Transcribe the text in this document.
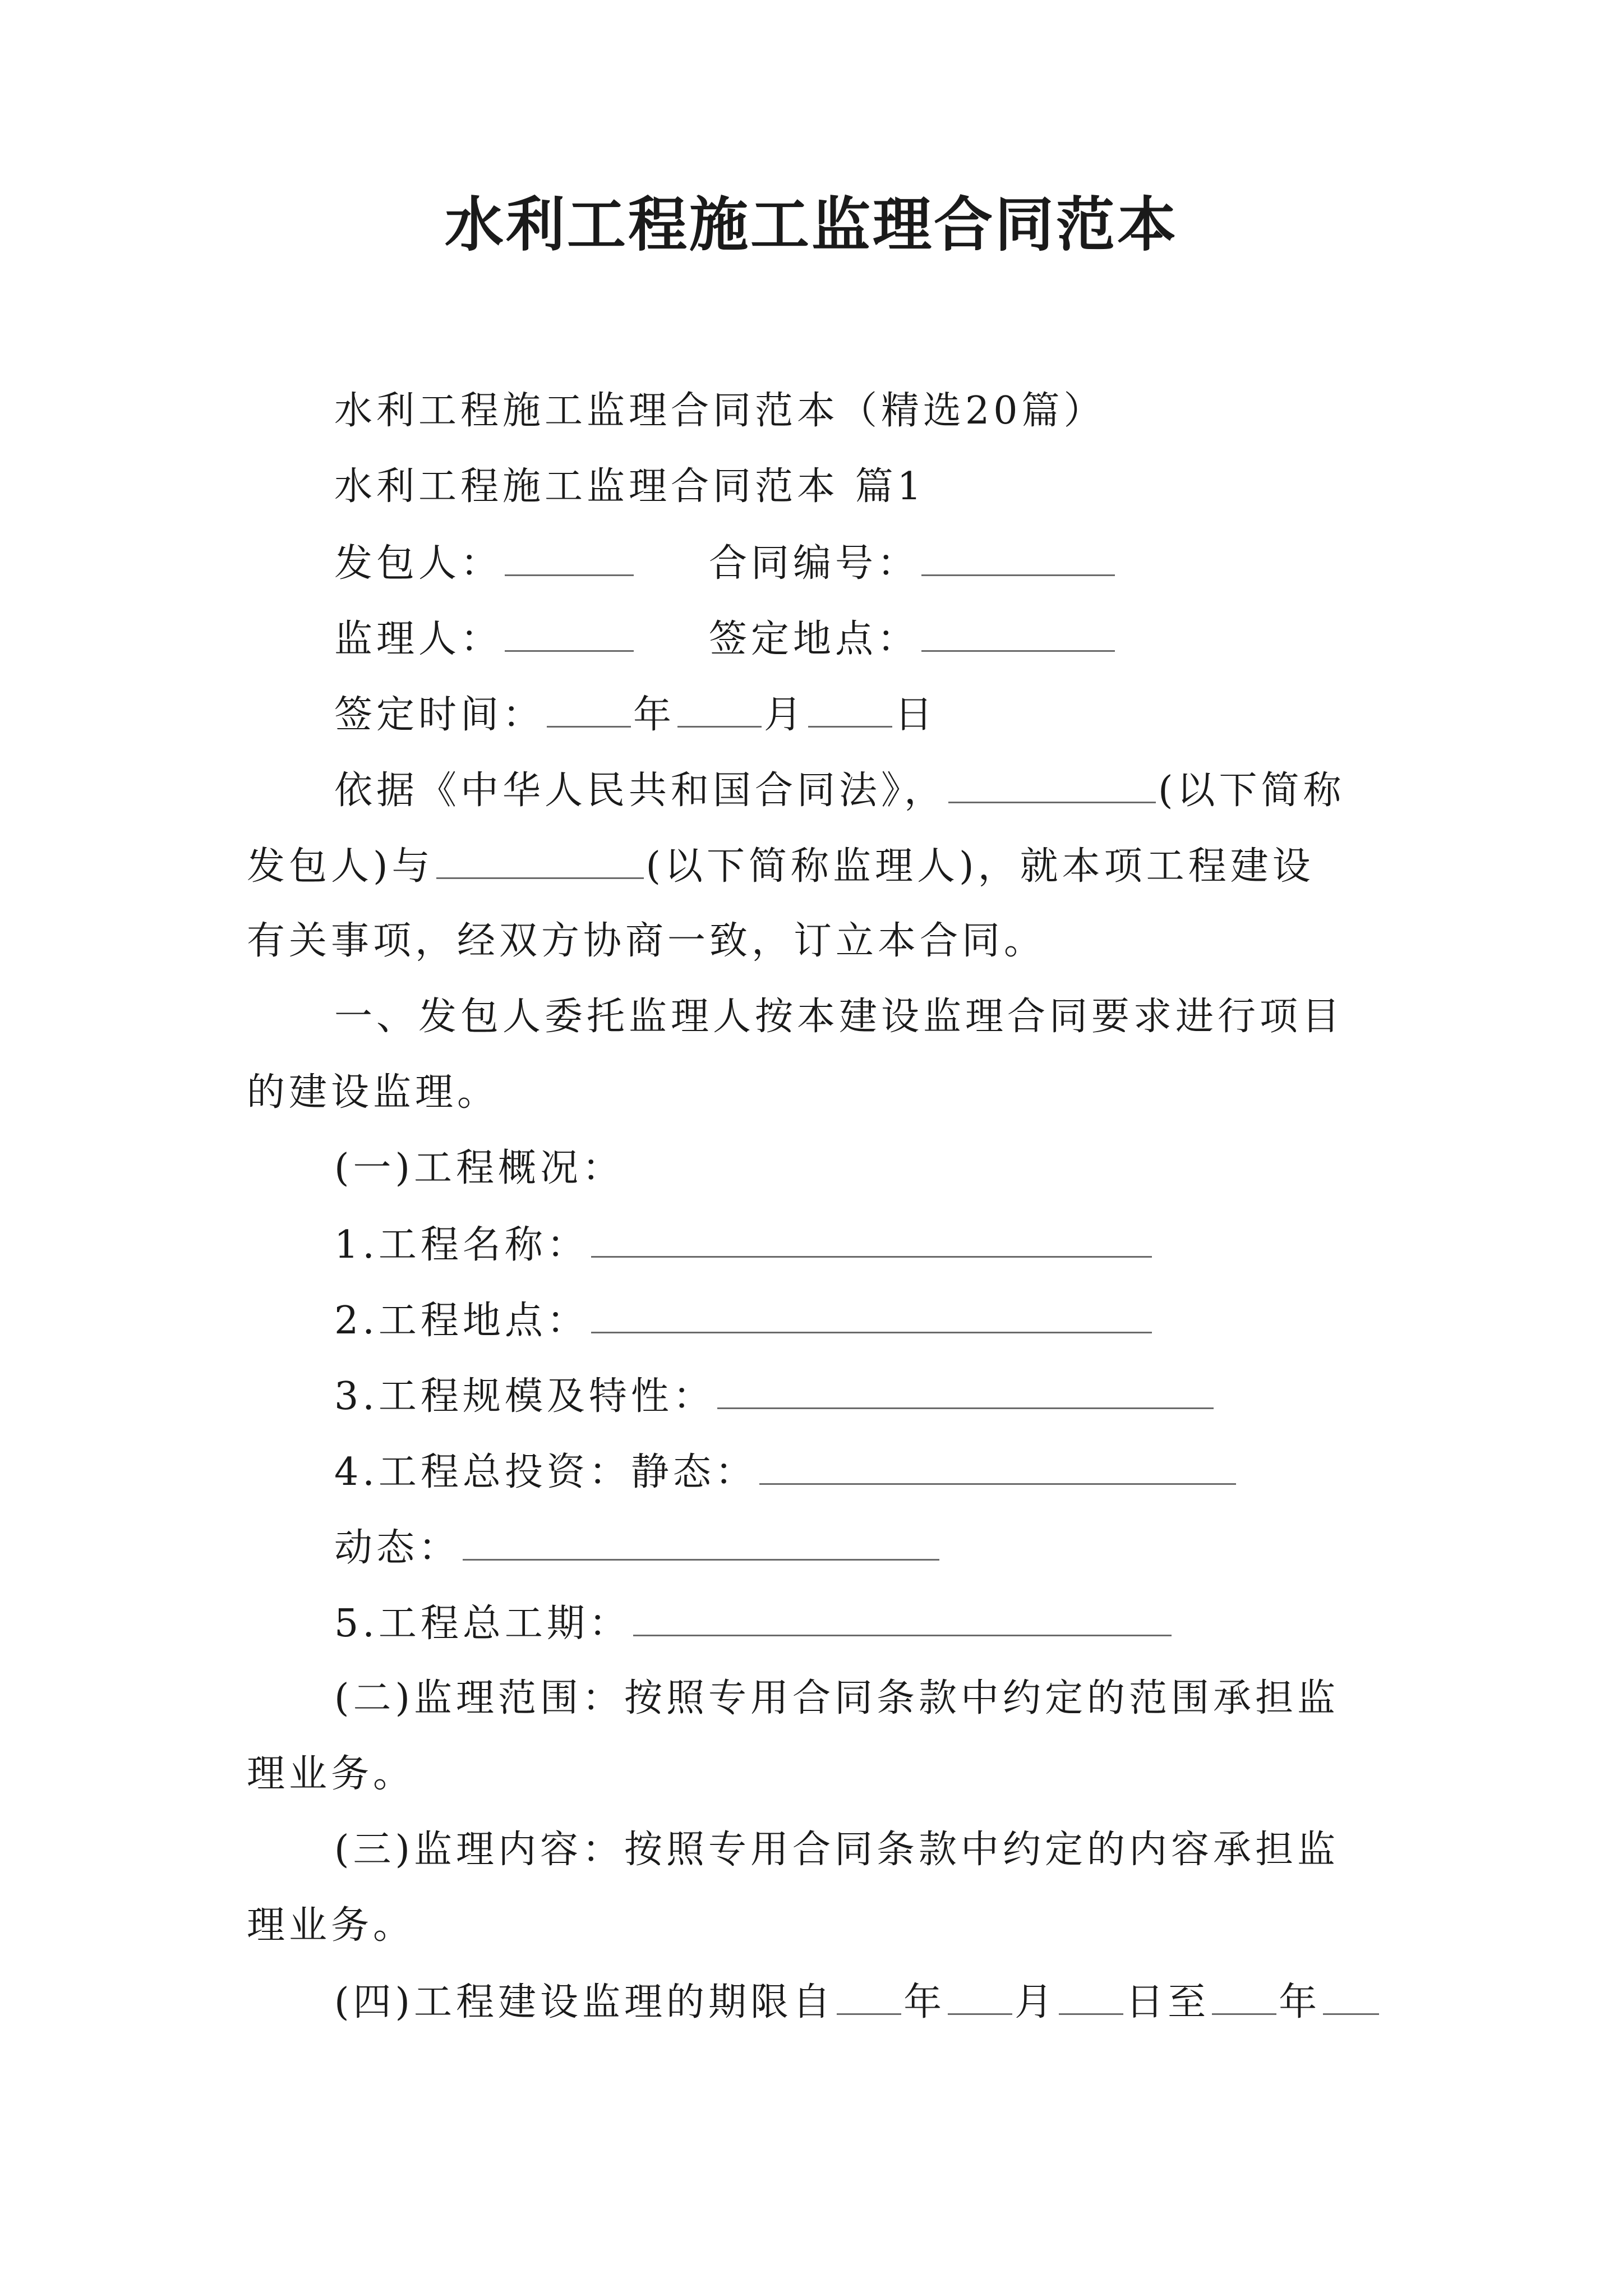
水利工程施工监理合同范本
水利工程施工监理合同范本（精选20篇）
水利工程施工监理合同范本 篇1
发包人：	合同编号：
监理人：	签定地点：
签定时间： 年 月 日
依据《中华人民共和国合同法》，	(以下简称
发包人)与	(以下简称监理人)，就本项工程建设
有关事项，经双方协商一致，订立本合同。
一、发包人委托监理人按本建设监理合同要求进行项目
的建设监理。
(一)工程概况：
1.工程名称：
2.工程地点：
3.工程规模及特性：
4.工程总投资：静态：
动态：
5.工程总工期：
(二)监理范围：按照专用合同条款中约定的范围承担监
理业务。
(三)监理内容：按照专用合同条款中约定的内容承担监
理业务。
(四)工程建设监理的期限自 年 月 日至 年
